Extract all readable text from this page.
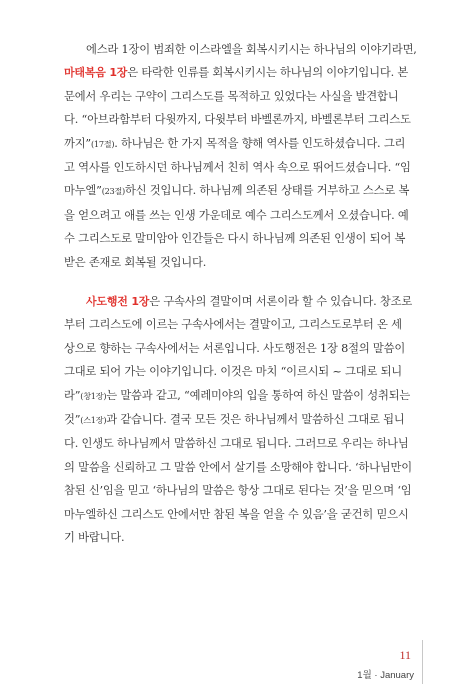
에스라 1장이 범죄한 이스라엘을 회복시키시는 하나님의 이야기라면,
마태복음 1장은 타락한 인류를 회복시키시는 하나님의 이야기입니다. 본
문에서 우리는 구약이 그리스도를 목적하고 있었다는 사실을 발견합니
다. “아브라함부터 다윗까지, 다윗부터 바벨론까지, 바벨론부터 그리스도
까지”(17절). 하나님은 한 가지 목적을 향해 역사를 인도하셨습니다. 그리
고 역사를 인도하시던 하나님께서 친히 역사 속으로 뛰어드셨습니다. “임
마누엘”(23절)하신 것입니다. 하나님께 의존된 상태를 거부하고 스스로 복
을 얻으려고 애를 쓰는 인생 가운데로 예수 그리스도께서 오셨습니다. 예
수 그리스도로 말미암아 인간들은 다시 하나님께 의존된 인생이 되어 복
받은 존재로 회복될 것입니다.

사도행전 1장은 구속사의 결말이며 서론이라 할 수 있습니다. 창조로
부터 그리스도에 이르는 구속사에서는 결말이고, 그리스도로부터 온 세
상으로 향하는 구속사에서는 서론입니다. 사도행전은 1장 8절의 말씀이
그대로 되어 가는 이야기입니다. 이것은 마치 “이르시되 ~ 그대로 되니
라”(창1장)는 말씀과 같고, “예레미야의 입을 통하여 하신 말씀이 성취되는
것”(스1장)과 같습니다. 결국 모든 것은 하나님께서 말씀하신 그대로 됩니
다. 인생도 하나님께서 말씀하신 그대로 됩니다. 그러므로 우리는 하나님
의 말씀을 신뢰하고 그 말씀 안에서 살기를 소망해야 합니다. ‘하나님만이
참된 신’임을 믿고 ‘하나님의 말씀은 항상 그대로 된다는 것’을 믿으며 ‘임
마누엘하신 그리스도 안에서만 참된 복을 얻을 수 있음’을 굳건히 믿으시
기 바랍니다.

11
1월 · January
